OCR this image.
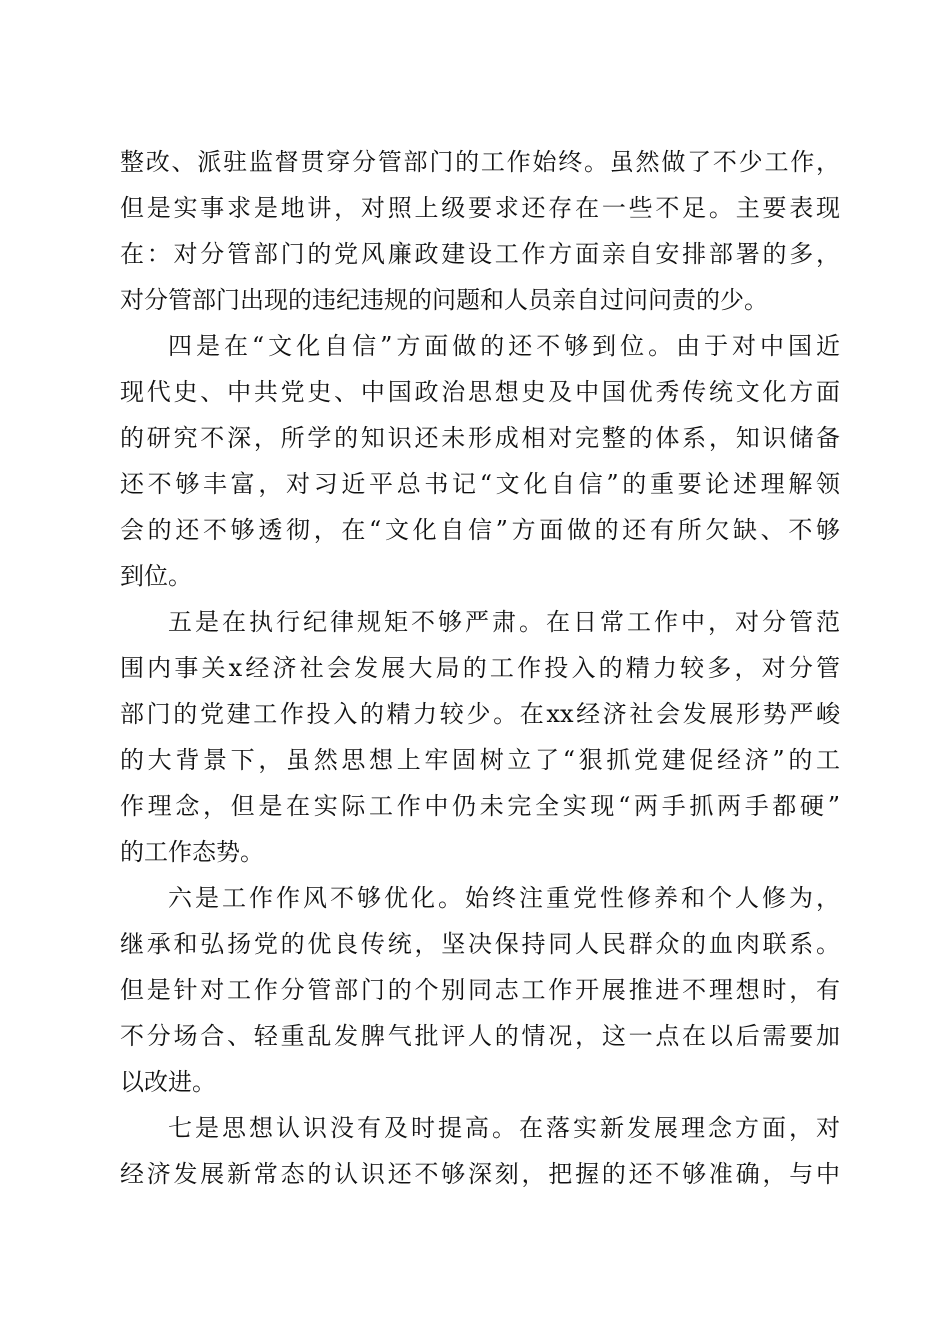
整改、派驻监督贯穿分管部门的工作始终。虽然做了不少工作，
但是实事求是地讲，对照上级要求还存在一些不足。主要表现
在：对分管部门的党风廉政建设工作方面亲自安排部署的多，
对分管部门出现的违纪违规的问题和人员亲自过问问责的少。
四是在“文化自信”方面做的还不够到位。由于对中国近
现代史、中共党史、中国政治思想史及中国优秀传统文化方面
的研究不深，所学的知识还未形成相对完整的体系，知识储备
还不够丰富，对习近平总书记“文化自信”的重要论述理解领
会的还不够透彻，在“文化自信”方面做的还有所欠缺、不够
到位。
五是在执行纪律规矩不够严肃。在日常工作中，对分管范
围内事关x经济社会发展大局的工作投入的精力较多，对分管
部门的党建工作投入的精力较少。在xx经济社会发展形势严峻
的大背景下，虽然思想上牢固树立了“狠抓党建促经济”的工
作理念，但是在实际工作中仍未完全实现“两手抓两手都硬”
的工作态势。
六是工作作风不够优化。始终注重党性修养和个人修为，
继承和弘扬党的优良传统，坚决保持同人民群众的血肉联系。
但是针对工作分管部门的个别同志工作开展推进不理想时，有
不分场合、轻重乱发脾气批评人的情况，这一点在以后需要加
以改进。
七是思想认识没有及时提高。在落实新发展理念方面，对
经济发展新常态的认识还不够深刻，把握的还不够准确，与中
